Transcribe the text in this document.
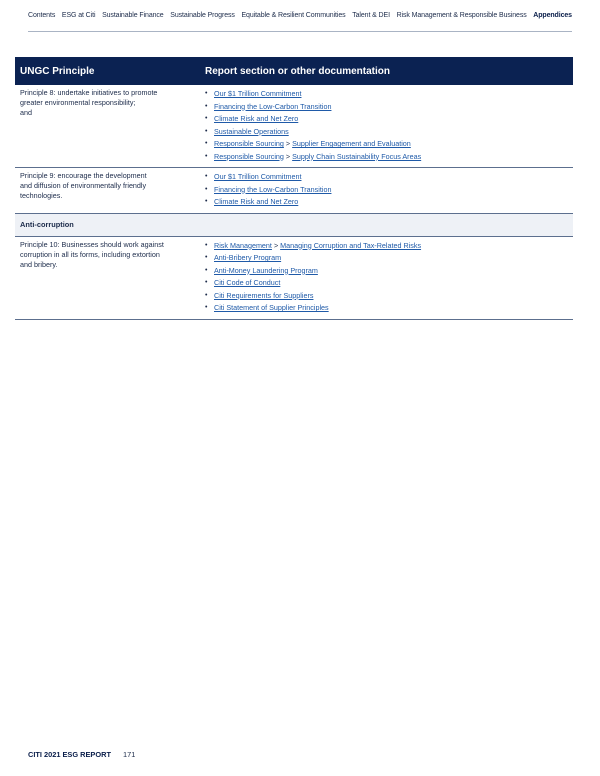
Contents ESG at Citi Sustainable Finance Sustainable Progress Equitable & Resilient Communities Talent & DEI Risk Management & Responsible Business Appendices
UNGC Principle	Report section or other documentation
Principle 8: undertake initiatives to promote
greater environmental responsibility;
and
• Our $1 Trillion Commitment
• Financing the Low-Carbon Transition
• Climate Risk and Net Zero
• Sustainable Operations
• Responsible Sourcing > Supplier Engagement and Evaluation
• Responsible Sourcing > Supply Chain Sustainability Focus Areas
Principle 9: encourage the development
and diffusion of environmentally friendly
technologies.
• Our $1 Trillion Commitment
• Financing the Low-Carbon Transition
• Climate Risk and Net Zero
Anti-corruption
Principle 10: Businesses should work against
corruption in all its forms, including extortion
and bribery.
• Risk Management > Managing Corruption and Tax-Related Risks
• Anti-Bribery Program
• Anti-Money Laundering Program
• Citi Code of Conduct
• Citi Requirements for Suppliers
• Citi Statement of Supplier Principles
CITI 2021 ESG REPORT 171
